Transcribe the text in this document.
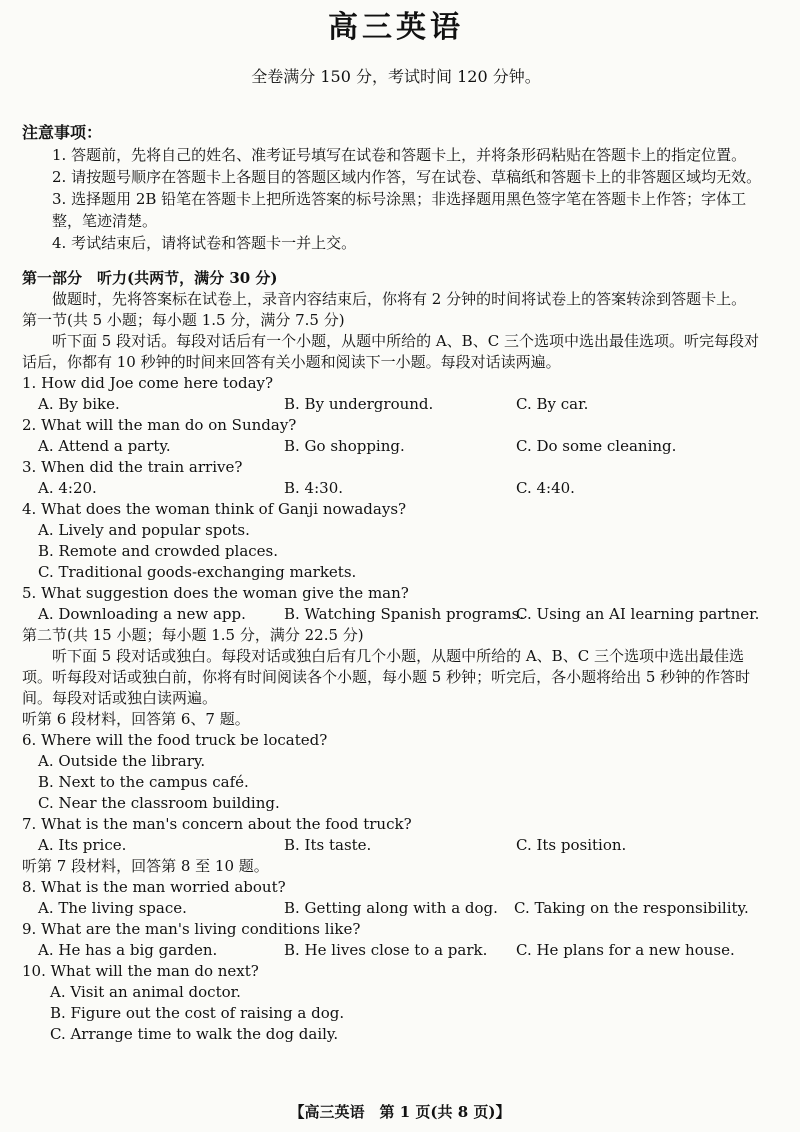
高三英语
全卷满分 150 分，考试时间 120 分钟。
注意事项：
1. 答题前，先将自己的姓名、准考证号填写在试卷和答题卡上，并将条形码粘贴在答题卡上的指定位置。
2. 请按题号顺序在答题卡上各题目的答题区域内作答，写在试卷、草稿纸和答题卡上的非答题区域均无效。
3. 选择题用 2B 铅笔在答题卡上把所选答案的标号涂黑；非选择题用黑色签字笔在答题卡上作答；字体工整，笔迹清楚。
4. 考试结束后，请将试卷和答题卡一并上交。
第一部分　听力(共两节，满分 30 分)
做题时，先将答案标在试卷上，录音内容结束后，你将有 2 分钟的时间将试卷上的答案转涂到答题卡上。
第一节(共 5 小题；每小题 1.5 分，满分 7.5 分)
听下面 5 段对话。每段对话后有一个小题，从题中所给的 A、B、C 三个选项中选出最佳选项。听完每段对话后，你都有 10 秒钟的时间来回答有关小题和阅读下一小题。每段对话读两遍。
1. How did Joe come here today?
A. By bike.	B. By underground.	C. By car.
2. What will the man do on Sunday?
A. Attend a party.	B. Go shopping.	C. Do some cleaning.
3. When did the train arrive?
A. 4:20.	B. 4:30.	C. 4:40.
4. What does the woman think of Ganji nowadays?
A. Lively and popular spots.
B. Remote and crowded places.
C. Traditional goods-exchanging markets.
5. What suggestion does the woman give the man?
A. Downloading a new app.	B. Watching Spanish programs.
C. Using an AI learning partner.
第二节(共 15 小题；每小题 1.5 分，满分 22.5 分)
听下面 5 段对话或独白。每段对话或独白后有几个小题，从题中所给的 A、B、C 三个选项中选出最佳选项。听每段对话或独白前，你将有时间阅读各个小题，每小题 5 秒钟；听完后，各小题将给出 5 秒钟的作答时间。每段对话或独白读两遍。
听第 6 段材料，回答第 6、7 题。
6. Where will the food truck be located?
A. Outside the library.
B. Next to the campus café.
C. Near the classroom building.
7. What is the man's concern about the food truck?
A. Its price.	B. Its taste.	C. Its position.
听第 7 段材料，回答第 8 至 10 题。
8. What is the man worried about?
A. The living space.	B. Getting along with a dog.	C. Taking on the responsibility.
9. What are the man's living conditions like?
A. He has a big garden.	B. He lives close to a park.	C. He plans for a new house.
10. What will the man do next?
A. Visit an animal doctor.
B. Figure out the cost of raising a dog.
C. Arrange time to walk the dog daily.
【高三英语　第 1 页(共 8 页)】
